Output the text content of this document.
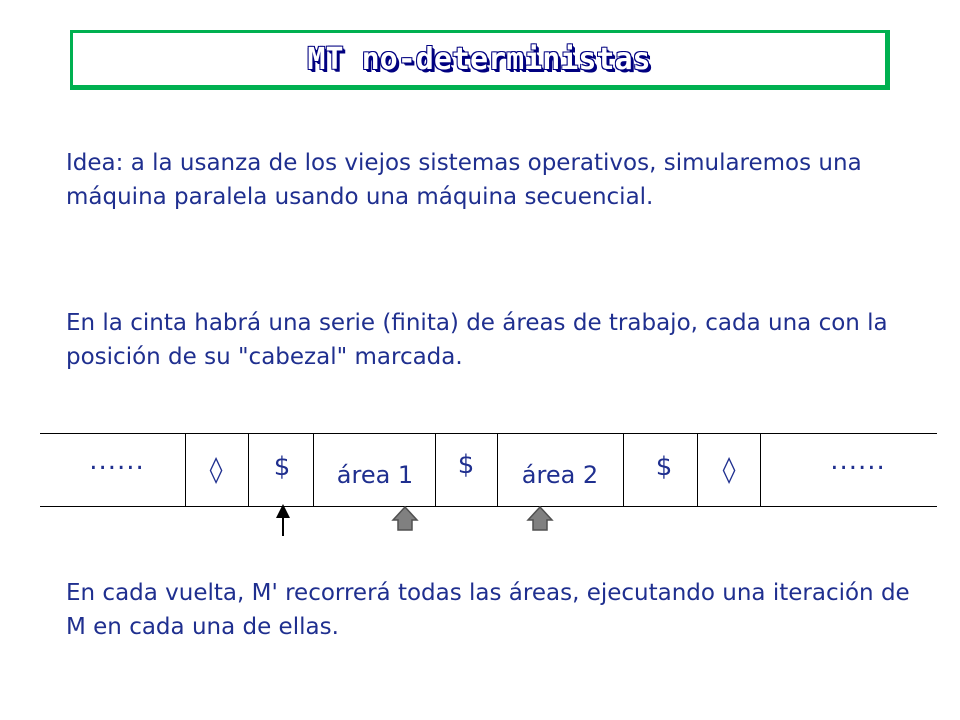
MT no-deterministas

Idea: a la usanza de los viejos sistemas operativos, simularemos una máquina paralela usando una máquina secuencial.

En la cinta habrá una serie (finita) de áreas de trabajo, cada una con la posición de su "cabezal" marcada.

......	◊	$	área 1	$	área 2	$	◊	......

En cada vuelta, M' recorrerá todas las áreas, ejecutando una iteración de M en cada una de ellas.
